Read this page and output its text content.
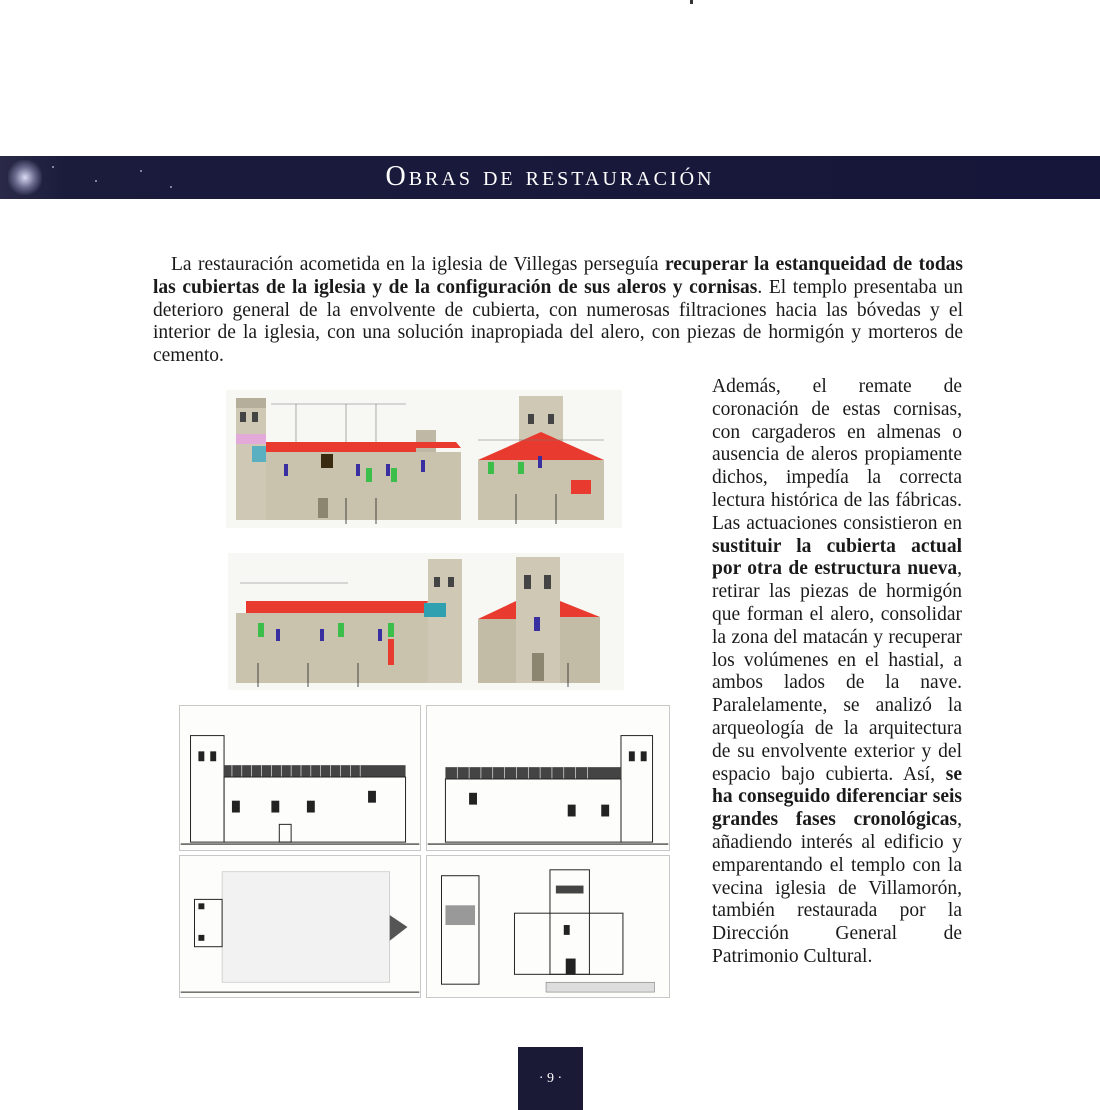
Obras de restauración

La restauración acometida en la iglesia de Villegas perseguía recuperar la estanqueidad de todas las cubiertas de la iglesia y de la configuración de sus aleros y cornisas. El templo presentaba un deterioro general de la envolvente de cubierta, con numerosas filtraciones hacia las bóvedas y el interior de la iglesia, con una solución inapropiada del alero, con piezas de hormigón y morteros de cemento.

Además, el remate de coronación de estas cornisas, con cargaderos en almenas o ausencia de aleros propiamente dichos, impedía la correcta lectura histórica de las fábricas. Las actuaciones consistieron en sustituir la cubierta actual por otra de estructura nueva, retirar las piezas de hormigón que forman el alero, consolidar la zona del matacán y recuperar los volúmenes en el hastial, a ambos lados de la nave. Paralelamente, se analizó la arqueología de la arquitectura de su envolvente exterior y del espacio bajo cubierta. Así, se ha conseguido diferenciar seis grandes fases cronológicas, añadiendo interés al edificio y emparentando el templo con la vecina iglesia de Villamorón, también restaurada por la Dirección General de Patrimonio Cultural.

· 9 ·
